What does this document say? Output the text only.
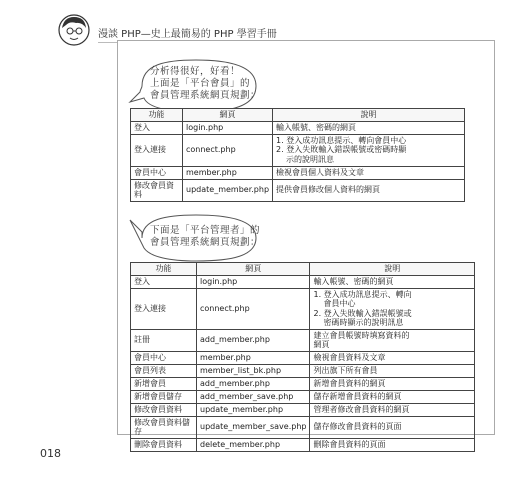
漫談 PHP—史上最簡易的 PHP 學習手冊
分析得很好，好看！
上面是「平台會員」的
會員管理系統網頁規劃：
功能	網頁	說明
登入	login.php	輸入帳號、密碼的網頁

登入連接	connect.php	1. 登入成功訊息提示、轉向會員中心
2. 登入失敗輸入錯誤帳號或密碼時顯
示的說明訊息

會員中心	member.php	檢視會員個人資料及文章

修改會員資料	update_member.php	提供會員修改個人資料的網頁
下面是「平台管理者」的
會員管理系統網頁規劃：
功能	網頁	說明
登入	login.php	輸入帳號、密碼的網頁

登入連接	connect.php	1. 登入成功訊息提示、轉向
會員中心
2. 登入失敗輸入錯誤帳號或
密碼時顯示的說明訊息

註冊	add_member.php	建立會員帳號時填寫資料的
網頁

會員中心	member.php	檢視會員資料及文章

會員列表	member_list_bk.php	列出旗下所有會員

新增會員	add_member.php	新增會員資料的網頁

新增會員儲存	add_member_save.php	儲存新增會員資料的網頁

修改會員資料	update_member.php	管理者修改會員資料的網頁

修改會員資料儲存	update_member_save.php	儲存修改會員資料的頁面

刪除會員資料	delete_member.php	刪除會員資料的頁面
018
